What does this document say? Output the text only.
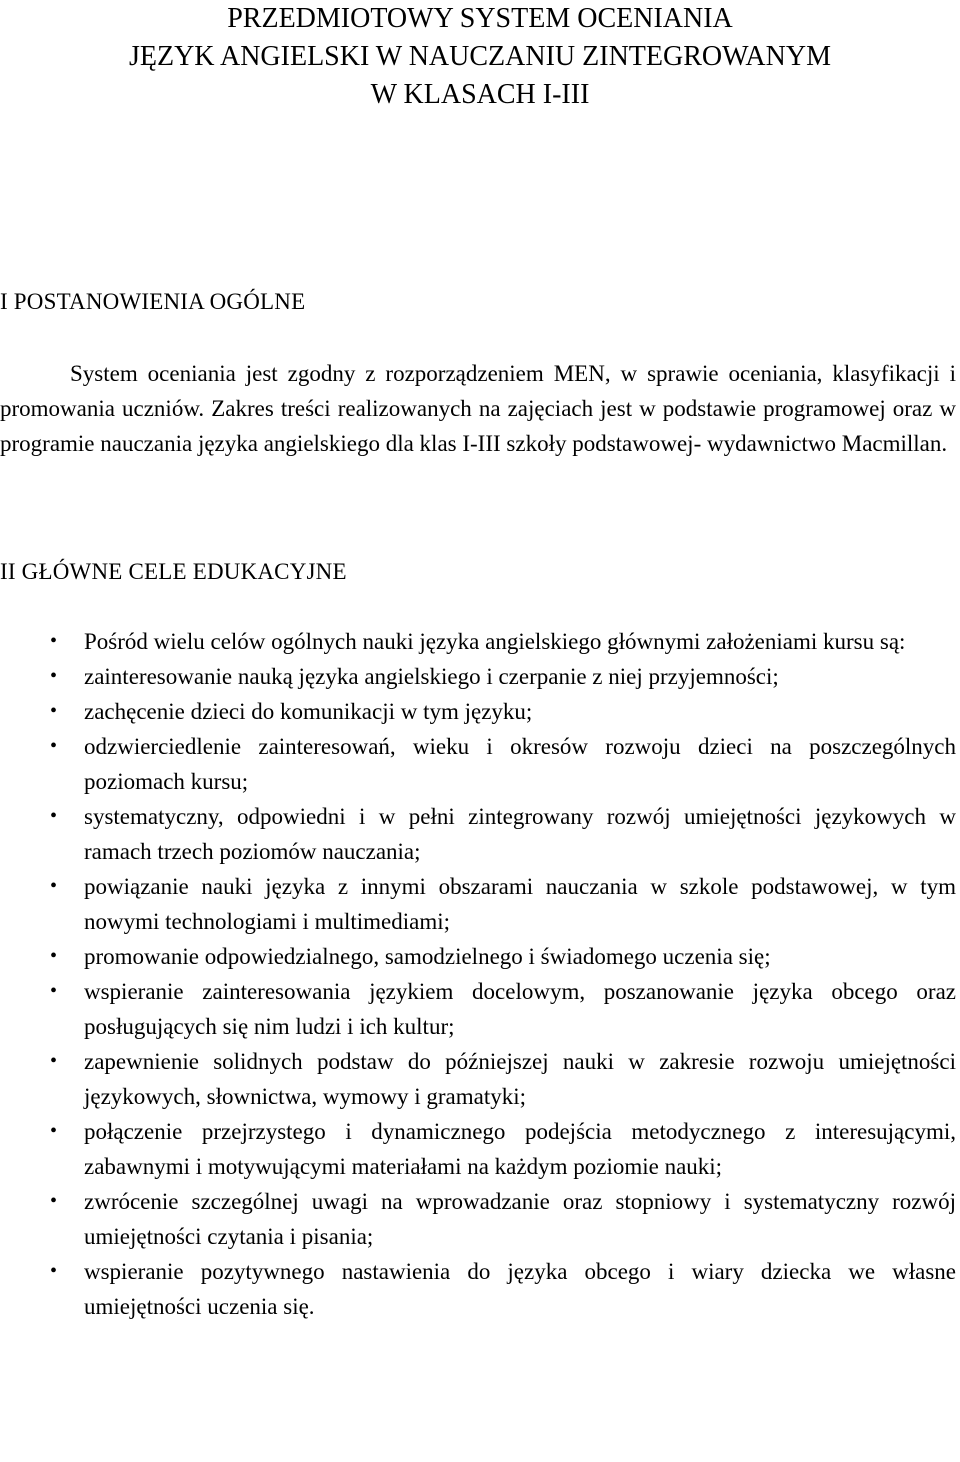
PRZEDMIOTOWY SYSTEM OCENIANIA
JĘZYK ANGIELSKI W NAUCZANIU ZINTEGROWANYM
W KLASACH I-III
I POSTANOWIENIA OGÓLNE
System oceniania jest zgodny z rozporządzeniem MEN, w sprawie oceniania, klasyfikacji i promowania uczniów. Zakres treści realizowanych na zajęciach jest w podstawie programowej oraz w programie nauczania języka angielskiego dla klas I-III szkoły podstawowej- wydawnictwo Macmillan.
II GŁÓWNE CELE EDUKACYJNE
•	Pośród wielu celów ogólnych nauki języka angielskiego głównymi założeniami kursu są:
•	zainteresowanie nauką języka angielskiego i czerpanie z niej przyjemności;
•	zachęcenie dzieci do komunikacji w tym języku;
•	odzwierciedlenie zainteresowań, wieku i okresów rozwoju dzieci na poszczególnych poziomach kursu;
•	systematyczny, odpowiedni i w pełni zintegrowany rozwój umiejętności językowych w ramach trzech poziomów nauczania;
•	powiązanie nauki języka z innymi obszarami nauczania w szkole podstawowej, w tym nowymi technologiami i multimediami;
•	promowanie odpowiedzialnego, samodzielnego i świadomego uczenia się;
•	wspieranie zainteresowania językiem docelowym, poszanowanie języka obcego oraz posługujących się nim ludzi i ich kultur;
•	zapewnienie solidnych podstaw do późniejszej nauki w zakresie rozwoju umiejętności językowych, słownictwa, wymowy i gramatyki;
•	połączenie przejrzystego i dynamicznego podejścia metodycznego z interesującymi, zabawnymi i motywującymi materiałami na każdym poziomie nauki;
•	zwrócenie szczególnej uwagi na wprowadzanie oraz stopniowy i systematyczny rozwój umiejętności czytania i pisania;
•	wspieranie pozytywnego nastawienia do języka obcego i wiary dziecka we własne umiejętności uczenia się.
